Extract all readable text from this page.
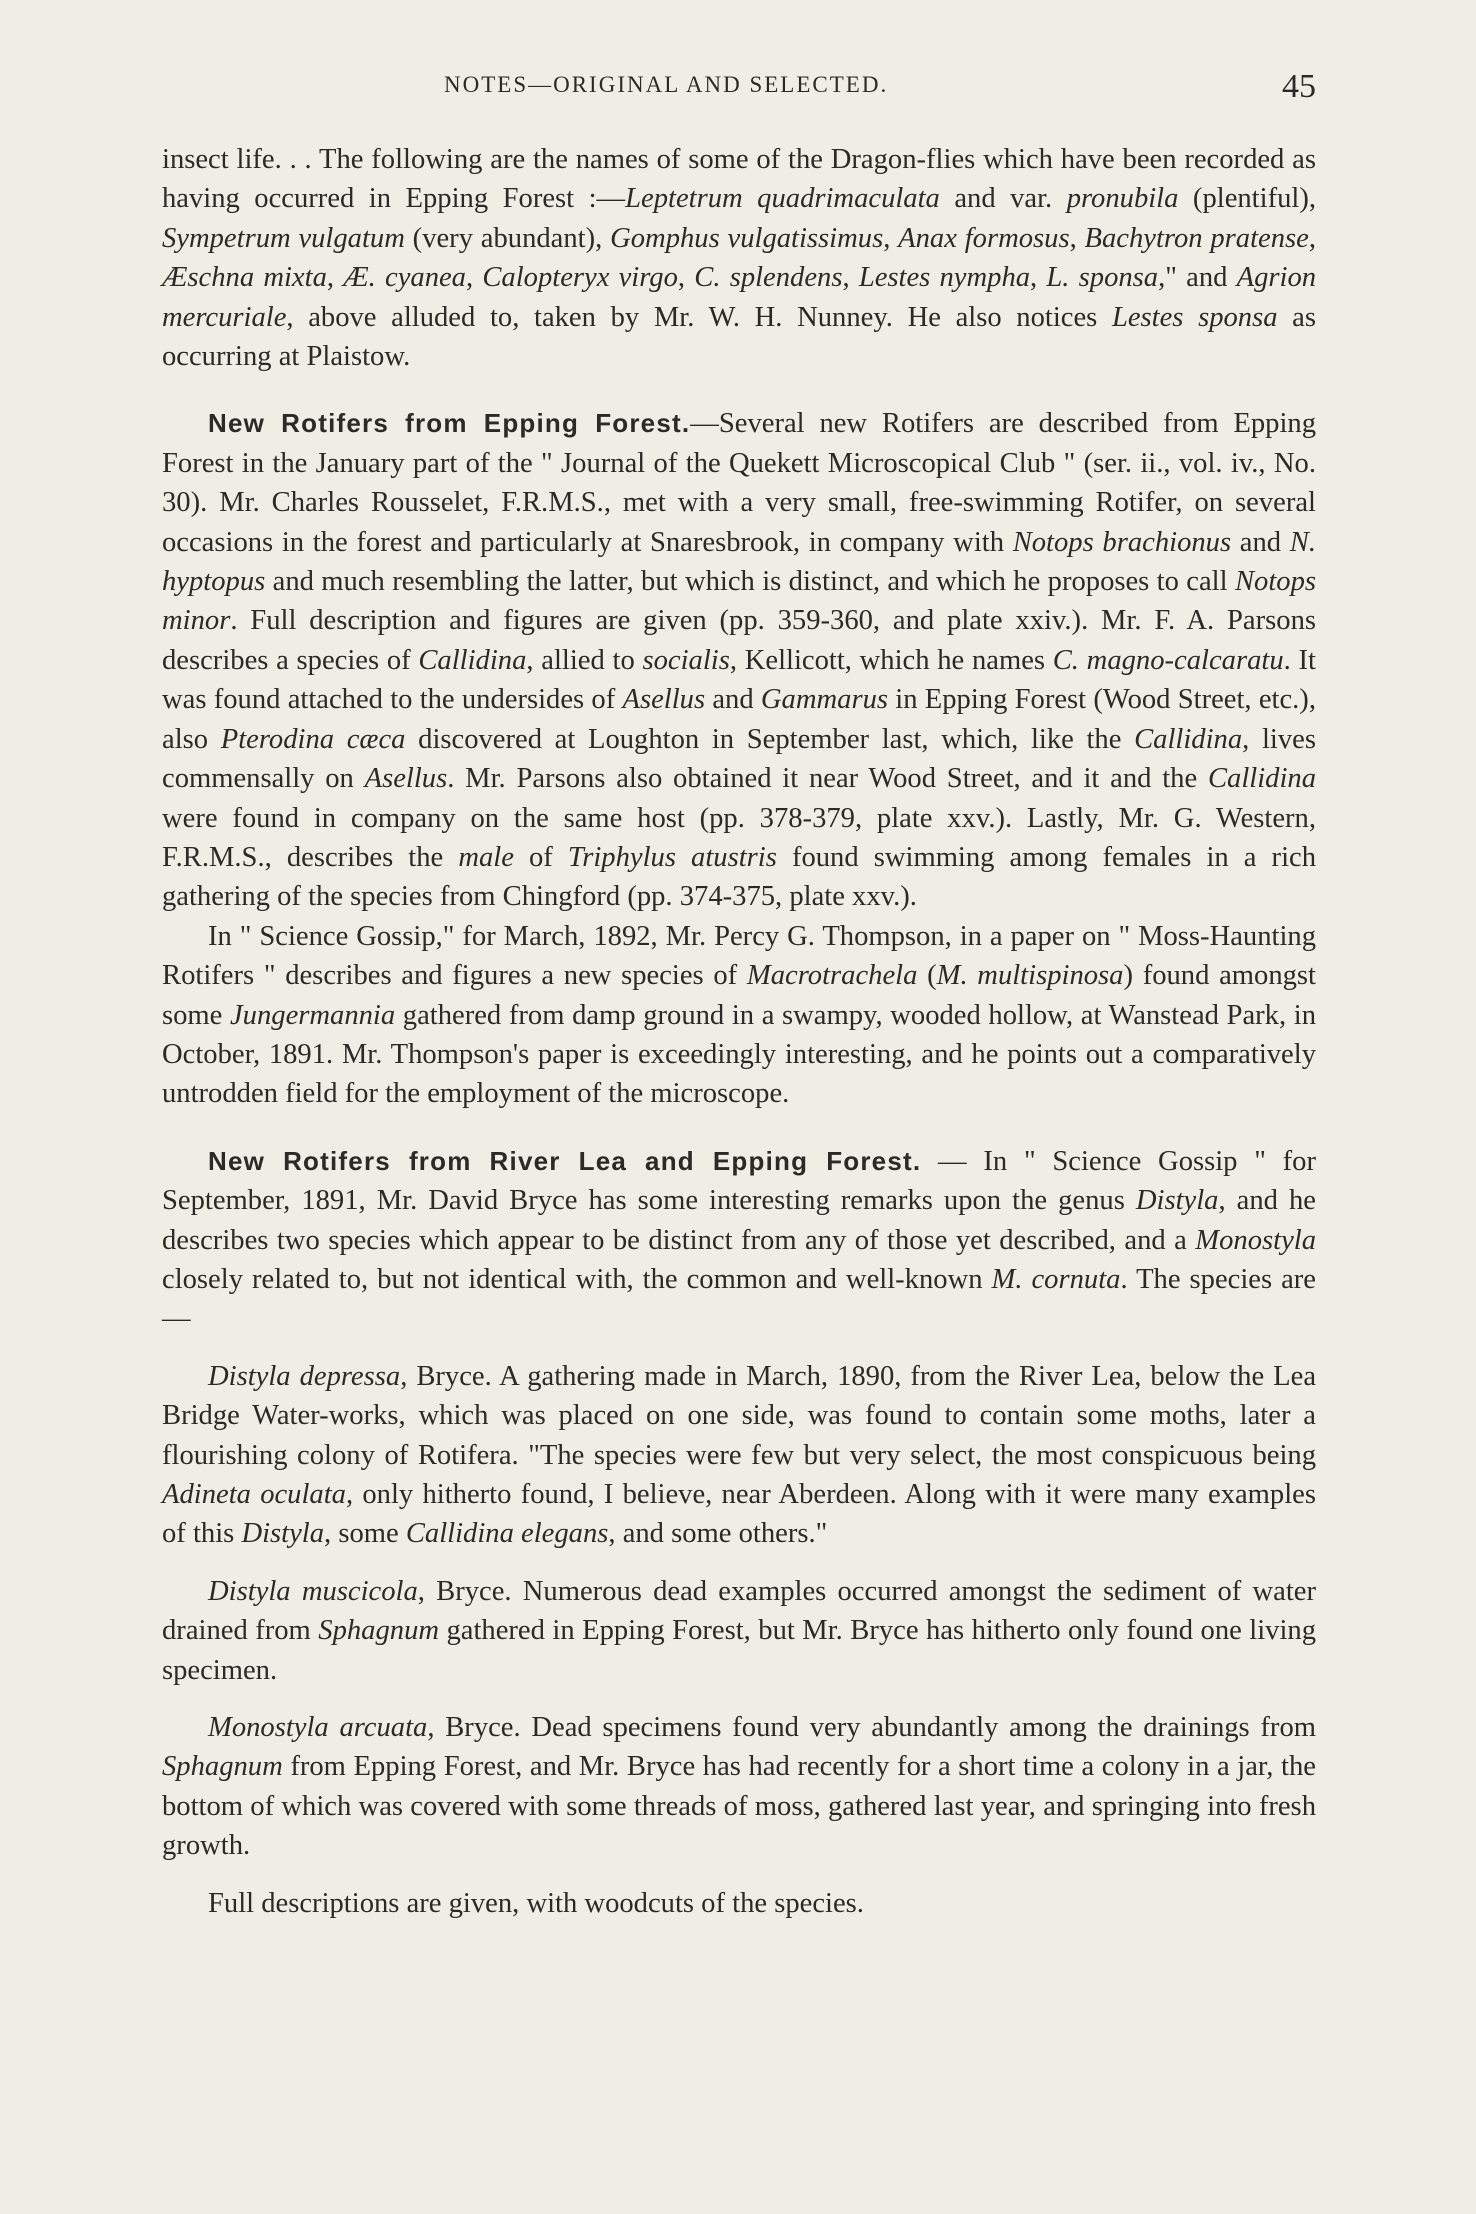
NOTES—ORIGINAL AND SELECTED.	45

insect life. . . The following are the names of some of the Dragon-flies which have been recorded as having occurred in Epping Forest :—Leptetrum quadrimaculata and var. pronubila (plentiful), Sympetrum vulgatum (very abundant), Gomphus vulgatissimus, Anax formosus, Bachytron pratense, Æschna mixta, Æ. cyanea, Calopteryx virgo, C. splendens, Lestes nympha, L. sponsa," and Agrion mercuriale, above alluded to, taken by Mr. W. H. Nunney. He also notices Lestes sponsa as occurring at Plaistow.

New Rotifers from Epping Forest.—Several new Rotifers are described from Epping Forest in the January part of the " Journal of the Quekett Microscopical Club " (ser. ii., vol. iv., No. 30). Mr. Charles Rousselet, F.R.M.S., met with a very small, free-swimming Rotifer, on several occasions in the forest and particularly at Snaresbrook, in company with Notops brachionus and N. hyptopus and much resembling the latter, but which is distinct, and which he proposes to call Notops minor. Full description and figures are given (pp. 359-360, and plate xxiv.). Mr. F. A. Parsons describes a species of Callidina, allied to socialis, Kellicott, which he names C. magno-calcaratu. It was found attached to the undersides of Asellus and Gammarus in Epping Forest (Wood Street, etc.), also Pterodina cæca discovered at Loughton in September last, which, like the Callidina, lives commensally on Asellus. Mr. Parsons also obtained it near Wood Street, and it and the Callidina were found in company on the same host (pp. 378-379, plate xxv.). Lastly, Mr. G. Western, F.R.M.S., describes the male of Triphylus atustris found swimming among females in a rich gathering of the species from Chingford (pp. 374-375, plate xxv.).

In " Science Gossip," for March, 1892, Mr. Percy G. Thompson, in a paper on " Moss-Haunting Rotifers " describes and figures a new species of Macrotrachela (M. multispinosa) found amongst some Jungermannia gathered from damp ground in a swampy, wooded hollow, at Wanstead Park, in October, 1891. Mr. Thompson's paper is exceedingly interesting, and he points out a comparatively untrodden field for the employment of the microscope.

New Rotifers from River Lea and Epping Forest. — In " Science Gossip " for September, 1891, Mr. David Bryce has some interesting remarks upon the genus Distyla, and he describes two species which appear to be distinct from any of those yet described, and a Monostyla closely related to, but not identical with, the common and well-known M. cornuta. The species are—

Distyla depressa, Bryce. A gathering made in March, 1890, from the River Lea, below the Lea Bridge Water-works, which was placed on one side, was found to contain some moths, later a flourishing colony of Rotifera. "The species were few but very select, the most conspicuous being Adineta oculata, only hitherto found, I believe, near Aberdeen. Along with it were many examples of this Distyla, some Callidina elegans, and some others."

Distyla muscicola, Bryce. Numerous dead examples occurred amongst the sediment of water drained from Sphagnum gathered in Epping Forest, but Mr. Bryce has hitherto only found one living specimen.

Monostyla arcuata, Bryce. Dead specimens found very abundantly among the drainings from Sphagnum from Epping Forest, and Mr. Bryce has had recently for a short time a colony in a jar, the bottom of which was covered with some threads of moss, gathered last year, and springing into fresh growth.

Full descriptions are given, with woodcuts of the species.
